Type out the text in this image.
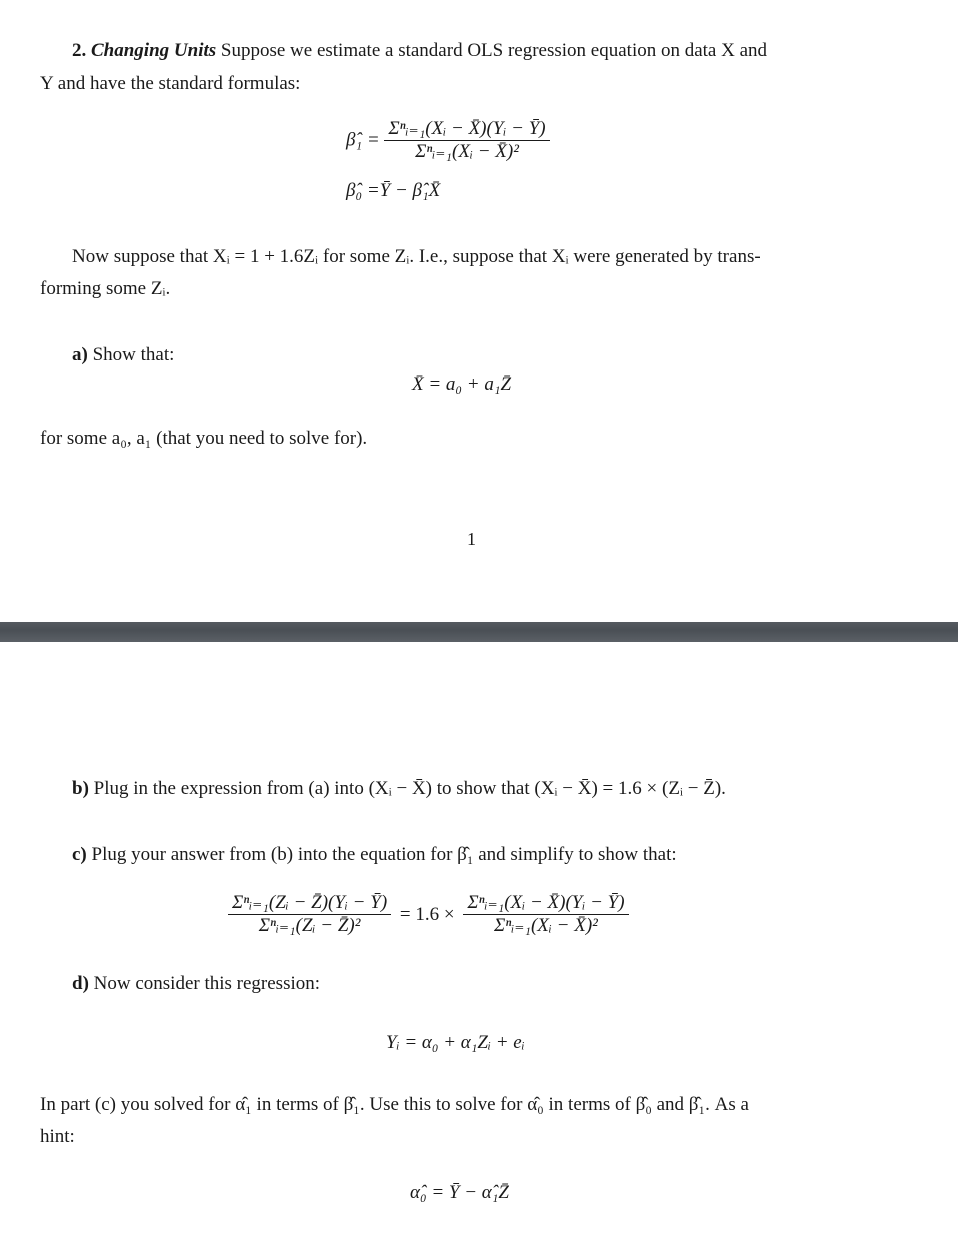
2. Changing Units Suppose we estimate a standard OLS regression equation on data X and
Y and have the standard formulas:
β̂₁ = $\frac{\text{Σⁿᵢ₌₁(Xᵢ − X̄)(Yᵢ − Ȳ)}}{\text{Σⁿᵢ₌₁(Xᵢ − X̄)²}}$
β̂₀ =Ȳ − β̂₁X̄
Now suppose that Xᵢ = 1 + 1.6Zᵢ for some Zᵢ. I.e., suppose that Xᵢ were generated by trans-
forming some Zᵢ.
a) Show that:
X̄ = a₀ + a₁Z̄
for some a₀, a₁ (that you need to solve for).
1
b) Plug in the expression from (a) into (Xᵢ − X̄) to show that (Xᵢ − X̄) = 1.6 × (Zᵢ − Z̄).
c) Plug your answer from (b) into the equation for β̂₁ and simplify to show that:
$\frac{\text{Σⁿᵢ₌₁(Zᵢ − Z̄)(Yᵢ − Ȳ)}}{\text{Σⁿᵢ₌₁(Zᵢ − Z̄)²}} = 1.6 \times \frac{\text{Σⁿᵢ₌₁(Xᵢ − X̄)(Yᵢ − Ȳ)}}{\text{Σⁿᵢ₌₁(Xᵢ − X̄)²}}$
d) Now consider this regression:
Yᵢ = α₀ + α₁Zᵢ + eᵢ
In part (c) you solved for α̂₁ in terms of β̂₁. Use this to solve for α̂₀ in terms of β̂₀ and β̂₁. As a
hint:
α̂₀ = Ȳ − α̂₁Z̄
